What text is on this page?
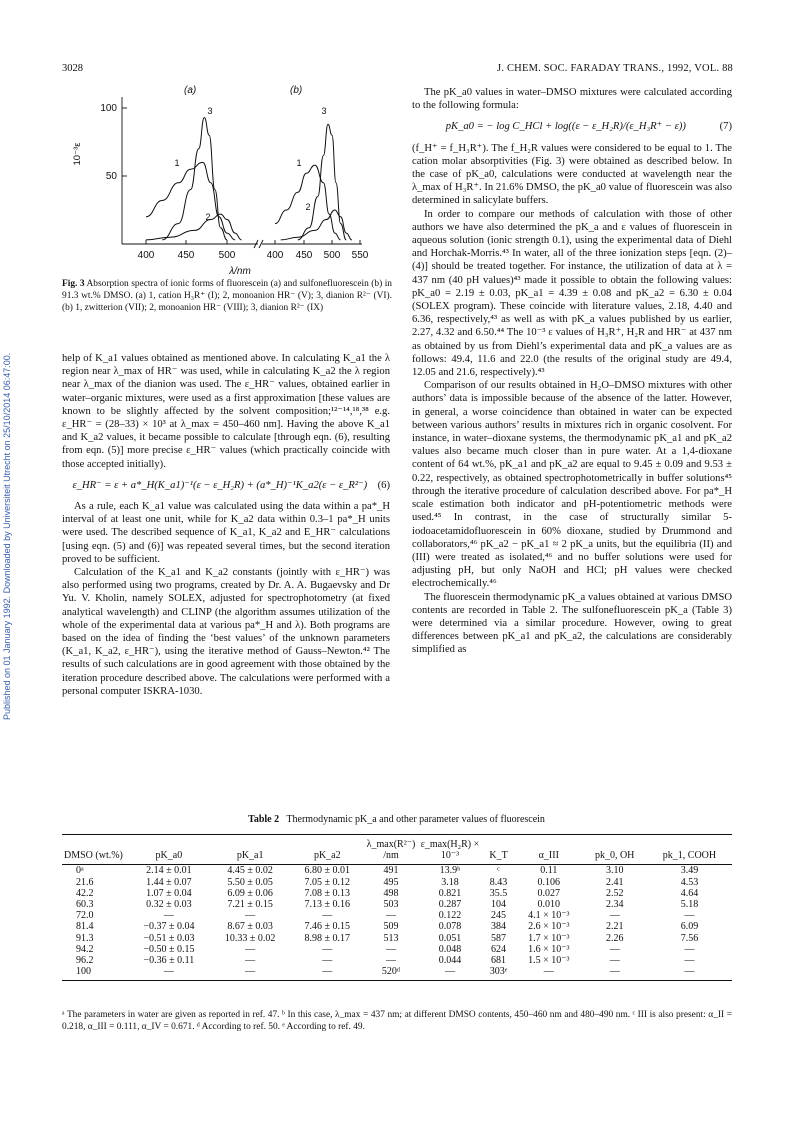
3028	J. CHEM. SOC. FARADAY TRANS., 1992, VOL. 88
Published on 01 January 1992. Downloaded by Universiteit Utrecht on 25/10/2014 06:47:00.
(a)	(b)
100
50
10⁻³ε
400 450 500	400 450 500 550
λ/nm
3
1
2
3
1
2
Fig. 3 Absorption spectra of ionic forms of fluorescein (a) and sulfonefluorescein (b) in 91.3 wt.% DMSO. (a) 1, cation H₃R⁺ (I); 2, monoanion HR⁻ (V); 3, dianion R²⁻ (VI). (b) 1, zwitterion (VII); 2, monoanion HR⁻ (VIII); 3, dianion R²⁻ (IX)

help of K_a1 values obtained as mentioned above. In calculating K_a1 the λ region near λ_max of HR⁻ was used, while in calculating K_a2 the λ region near λ_max of the dianion was used. The ε_HR⁻ values, obtained earlier in water–organic mixtures, were used as a first approximation [these values are known to be slightly affected by the solvent composition;¹²⁻¹⁴,¹⁸,³⁸ e.g. ε_HR⁻ = (28–33) × 10³ at λ_max = 450–460 nm]. Having the above K_a1 and K_a2 values, it became possible to calculate [through eqn. (6), resulting from eqn. (5)] more precise ε_HR⁻ values (which practically coincide with those accepted initially).

ε_HR⁻ = ε + a*_H(K_a1)⁻¹(ε − ε_H₂R) + (a*_H)⁻¹K_a2(ε − ε_R²⁻) (6)

As a rule, each K_a1 value was calculated using the data within a pa*_H interval of at least one unit, while for K_a2 data within 0.3–1 pa*_H units were used. The described sequence of K_a1, K_a2 and E_HR⁻ calculations [using eqn. (5) and (6)] was repeated several times, but the second iteration proved to be sufficient.

Calculation of the K_a1 and K_a2 constants (jointly with ε_HR⁻) was also performed using two programs, created by Dr. A. A. Bugaevsky and Dr Yu. V. Kholin, namely SOLEX, adjusted for spectrophotometry (at fixed analytical wavelength) and CLINP (the algorithm assumes utilization of the whole of the experimental data at various pa*_H and λ). Both programs are based on the idea of finding the ‘best values’ of the unknown parameters (K_a1, K_a2, ε_HR⁻), using the iterative method of Gauss–Newton.⁴² The results of such calculations are in good agreement with those obtained by the iteration procedure described above. The calculations were performed with a personal computer ISKRA-1030.

The pK_a0 values in water–DMSO mixtures were calculated according to the following formula:

pK_a0 = − log C_HCl + log((ε − ε_H₂R)/(ε_H₃R⁺ − ε))	(7)

(f_H⁺ = f_H₃R⁺). The f_H₂R values were considered to be equal to 1. The cation molar absorptivities (Fig. 3) were obtained as described below. In the case of pK_a0, calculations were conducted at wavelength near the λ_max of H₃R⁺. In 21.6% DMSO, the pK_a0 value of fluorescein was also determined in salicylate buffers.

In order to compare our methods of calculation with those of other authors we have also determined the pK_a and ε values of fluorescein in aqueous solution (ionic strength 0.1), using the experimental data of Diehl and Horchak-Morris.⁴³ In water, all of the three ionization steps [eqn. (2)–(4)] should be treated together. For instance, the utilization of data at λ = 437 nm (40 pH values)⁴³ made it possible to obtain the following values: pK_a0 = 2.19 ± 0.03, pK_a1 = 4.39 ± 0.08 and pK_a2 = 6.30 ± 0.04 (SOLEX program). These coincide with literature values, 2.18, 4.40 and 6.36, respectively,⁴³ as well as with pK_a values published by us earlier, 2.27, 4.32 and 6.50.⁴⁴ The 10⁻³ ε values of H₃R⁺, H₂R and HR⁻ at 437 nm as obtained by us from Diehl’s experimental data and pK_a values are as follows: 49.4, 11.6 and 22.0 (the results of the original study are 49.4, 12.05 and 21.6, respectively).⁴³

Comparison of our results obtained in H₂O–DMSO mixtures with other authors’ data is impossible because of the absence of the latter. However, in general, a worse coincidence than obtained in water can be expected between various authors’ results in mixtures rich in organic cosolvent. For instance, in water–dioxane systems, the thermodynamic pK_a1 and pK_a2 values also became much closer than in pure water. At a 1,4-dioxane content of 64 wt.%, pK_a1 and pK_a2 are equal to 9.45 ± 0.09 and 9.53 ± 0.22, respectively, as obtained spectrophotometrically in buffer solutions⁴⁵ through the iterative procedure of calculation described above. For pa*_H scale estimation both indicator and pH-potentiometric methods were used.⁴⁵ In contrast, in the case of structurally similar 5-iodoacetamidofluorescein in 60% dioxane, studied by Drummond and collaborators,⁴⁶ pK_a2 − pK_a1 ≈ 2 pK_a units, but the equilibria (II) and (III) were treated as isolated,⁴⁶ and no buffer solutions were used for adjusting pH, but only NaOH and HCl; pH values were checked electrochemically.⁴⁶

The fluorescein thermodynamic pK_a values obtained at various DMSO contents are recorded in Table 2. The sulfonefluorescein pK_a (Table 3) were determined via a similar procedure. However, owing to great differences between pK_a1 and pK_a2, the calculations are considerably simplified as

Table 2 Thermodynamic pK_a and other parameter values of fluorescein
DMSO (wt.%)	pK_a0	pK_a1	pK_a2	λ_max(R²⁻) /nm	ε_max(H₂R) × 10⁻³	K_T	α_III	pk_0, OH	pk_1, COOH
0ᵃ	2.14 ± 0.01	4.45 ± 0.02	6.80 ± 0.01	491	13.9ᵇ	ᶜ	0.11	3.10	3.49
21.6	1.44 ± 0.07	5.50 ± 0.05	7.05 ± 0.12	495	3.18	8.43	0.106	2.41	4.53
42.2	1.07 ± 0.04	6.09 ± 0.06	7.08 ± 0.13	498	0.821	35.5	0.027	2.52	4.64
60.3	0.32 ± 0.03	7.21 ± 0.15	7.13 ± 0.16	503	0.287	104	0.010	2.34	5.18
72.0	—	—	—	—	0.122	245	4.1 × 10⁻³	—	—
81.4	−0.37 ± 0.04	8.67 ± 0.03	7.46 ± 0.15	509	0.078	384	2.6 × 10⁻³	2.21	6.09
91.3	−0.51 ± 0.03	10.33 ± 0.02	8.98 ± 0.17	513	0.051	587	1.7 × 10⁻³	2.26	7.56
94.2	−0.50 ± 0.15	—	—	—	0.048	624	1.6 × 10⁻³	—	—
96.2	−0.36 ± 0.11	—	—	—	0.044	681	1.5 × 10⁻³	—	—
100	—	—	—	520ᵈ	—	303ᵉ	—	—	—
ᵃ The parameters in water are given as reported in ref. 47. ᵇ In this case, λ_max = 437 nm; at different DMSO contents, 450–460 nm and 480–490 nm. ᶜ III is also present: α_II = 0.218, α_III = 0.111, α_IV = 0.671. ᵈ According to ref. 50. ᵉ According to ref. 49.
